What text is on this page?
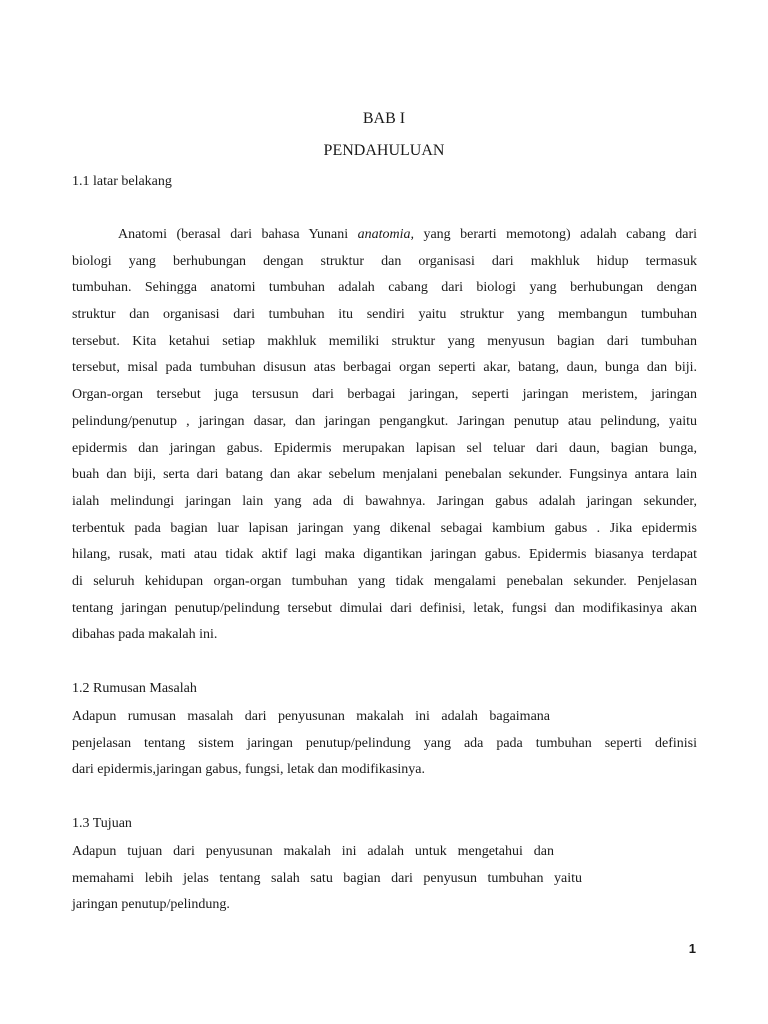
BAB I
PENDAHULUAN
1.1 latar belakang
Anatomi (berasal dari bahasa Yunani anatomia, yang berarti memotong) adalah cabang dari
biologi yang berhubungan dengan struktur dan organisasi dari makhluk hidup termasuk
tumbuhan. Sehingga anatomi tumbuhan adalah cabang dari biologi yang berhubungan dengan
struktur dan organisasi dari tumbuhan itu sendiri yaitu struktur yang membangun tumbuhan
tersebut. Kita ketahui setiap makhluk memiliki struktur yang menyusun bagian dari tumbuhan
tersebut, misal pada tumbuhan disusun atas berbagai organ seperti akar, batang, daun, bunga dan biji.
Organ-organ tersebut juga tersusun dari berbagai jaringan, seperti jaringan meristem, jaringan
pelindung/penutup , jaringan dasar, dan jaringan pengangkut. Jaringan penutup atau pelindung, yaitu
epidermis dan jaringan gabus. Epidermis merupakan lapisan sel teluar dari daun, bagian bunga,
buah dan biji, serta dari batang dan akar sebelum menjalani penebalan sekunder. Fungsinya antara lain
ialah melindungi jaringan lain yang ada di bawahnya. Jaringan gabus adalah jaringan sekunder,
terbentuk pada bagian luar lapisan jaringan yang dikenal sebagai kambium gabus . Jika epidermis
hilang, rusak, mati atau tidak aktif lagi maka digantikan jaringan gabus. Epidermis biasanya terdapat
di seluruh kehidupan organ-organ tumbuhan yang tidak mengalami penebalan sekunder. Penjelasan
tentang jaringan penutup/pelindung tersebut dimulai dari definisi, letak, fungsi dan modifikasinya akan
dibahas pada makalah ini.
1.2 Rumusan Masalah
Adapun rumusan masalah dari penyusunan makalah ini adalah bagaimana
penjelasan tentang sistem jaringan penutup/pelindung yang ada pada tumbuhan seperti definisi
dari epidermis,jaringan gabus, fungsi, letak dan modifikasinya.
1.3 Tujuan
Adapun tujuan dari penyusunan makalah ini adalah untuk mengetahui dan
memahami lebih jelas tentang salah satu bagian dari penyusun tumbuhan yaitu
jaringan penutup/pelindung.
1
